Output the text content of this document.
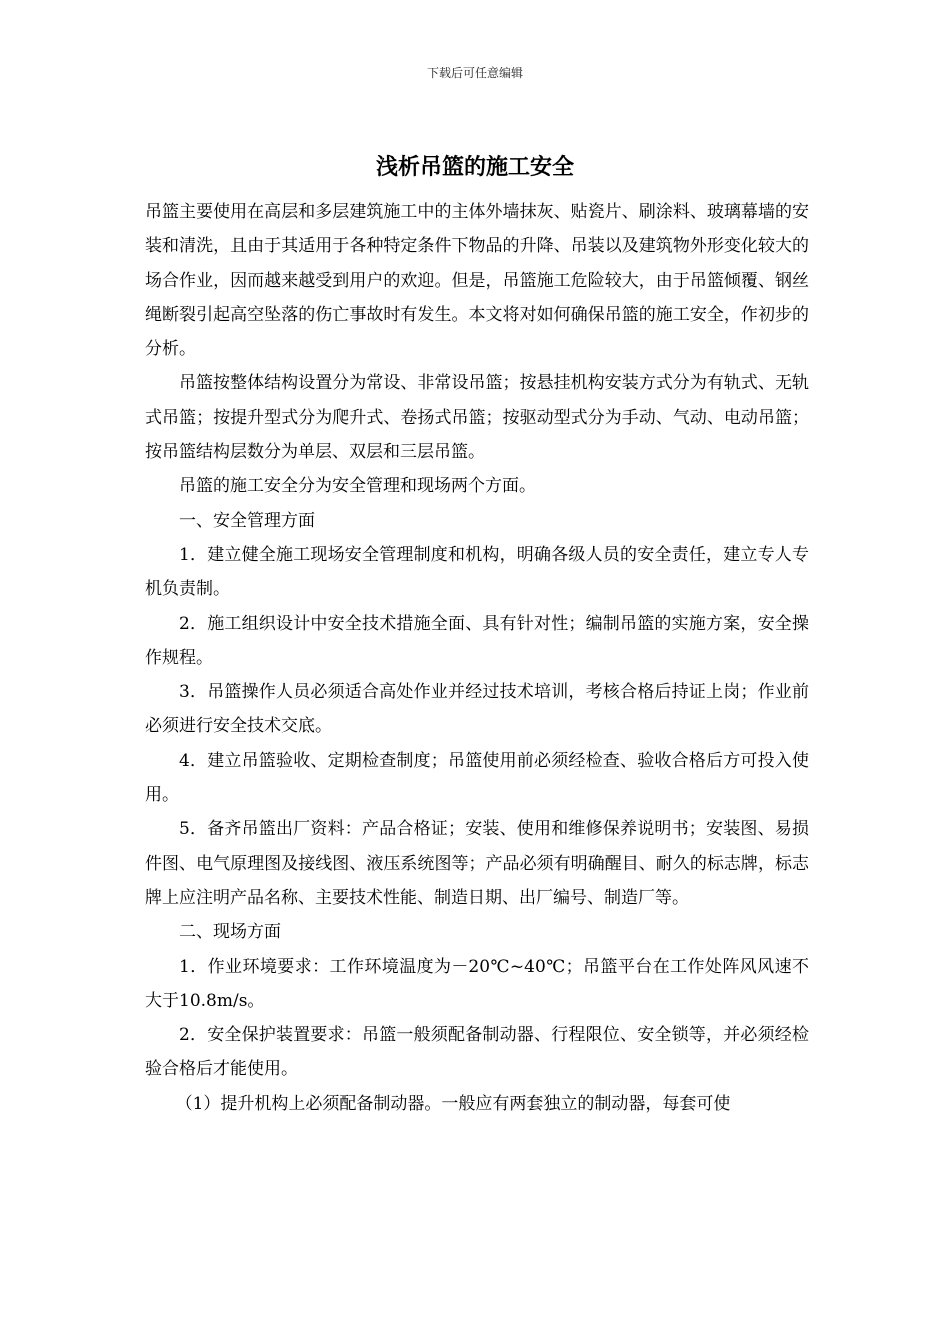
下载后可任意编辑
浅析吊篮的施工安全

吊篮主要使用在高层和多层建筑施工中的主体外墙抹灰、贴瓷片、刷涂料、玻璃幕墙的安装和清洗，且由于其适用于各种特定条件下物品的升降、吊装以及建筑物外形变化较大的场合作业，因而越来越受到用户的欢迎。但是，吊篮施工危险较大，由于吊篮倾覆、钢丝绳断裂引起高空坠落的伤亡事故时有发生。本文将对如何确保吊篮的施工安全，作初步的分析。

吊篮按整体结构设置分为常设、非常设吊篮；按悬挂机构安装方式分为有轨式、无轨式吊篮；按提升型式分为爬升式、卷扬式吊篮；按驱动型式分为手动、气动、电动吊篮；按吊篮结构层数分为单层、双层和三层吊篮。

吊篮的施工安全分为安全管理和现场两个方面。

一、安全管理方面

1．建立健全施工现场安全管理制度和机构，明确各级人员的安全责任，建立专人专机负责制。

2．施工组织设计中安全技术措施全面、具有针对性；编制吊篮的实施方案，安全操作规程。

3．吊篮操作人员必须适合高处作业并经过技术培训，考核合格后持证上岗；作业前必须进行安全技术交底。

4．建立吊篮验收、定期检查制度；吊篮使用前必须经检查、验收合格后方可投入使用。

5．备齐吊篮出厂资料：产品合格证；安装、使用和维修保养说明书；安装图、易损件图、电气原理图及接线图、液压系统图等；产品必须有明确醒目、耐久的标志牌，标志牌上应注明产品名称、主要技术性能、制造日期、出厂编号、制造厂等。

二、现场方面

1．作业环境要求：工作环境温度为－20℃~40℃；吊篮平台在工作处阵风风速不大于10.8m/s。

2．安全保护装置要求：吊篮一般须配备制动器、行程限位、安全锁等，并必须经检验合格后才能使用。

（1）提升机构上必须配备制动器。一般应有两套独立的制动器，每套可使
